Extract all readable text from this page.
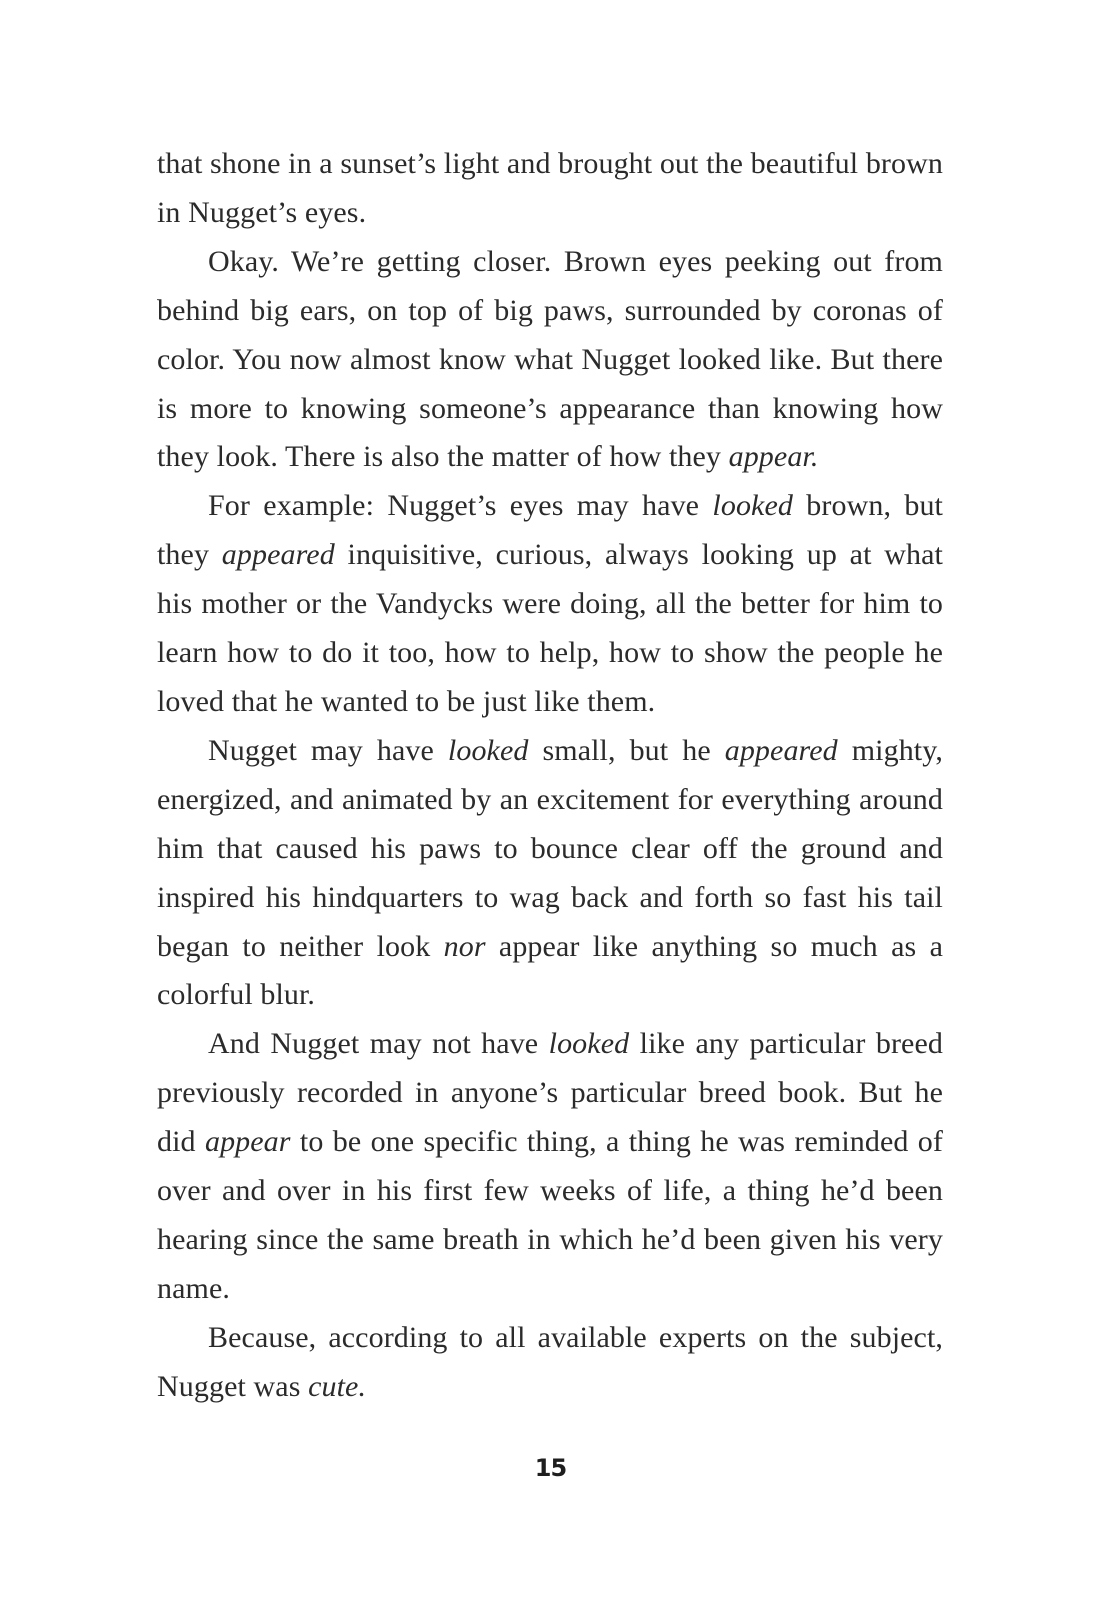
that shone in a sunset’s light and brought out the beautiful brown in Nugget’s eyes.

Okay. We’re getting closer. Brown eyes peeking out from behind big ears, on top of big paws, surrounded by coronas of color. You now almost know what Nugget looked like. But there is more to knowing someone’s appearance than knowing how they look. There is also the matter of how they appear.

For example: Nugget’s eyes may have looked brown, but they appeared inquisitive, curious, always looking up at what his mother or the Vandycks were doing, all the better for him to learn how to do it too, how to help, how to show the people he loved that he wanted to be just like them.

Nugget may have looked small, but he appeared mighty, energized, and animated by an excitement for everything around him that caused his paws to bounce clear off the ground and inspired his hindquarters to wag back and forth so fast his tail began to neither look nor appear like anything so much as a colorful blur.

And Nugget may not have looked like any particular breed previously recorded in anyone’s particular breed book. But he did appear to be one specific thing, a thing he was reminded of over and over in his first few weeks of life, a thing he’d been hearing since the same breath in which he’d been given his very name.

Because, according to all available experts on the subject, Nugget was cute.

15
